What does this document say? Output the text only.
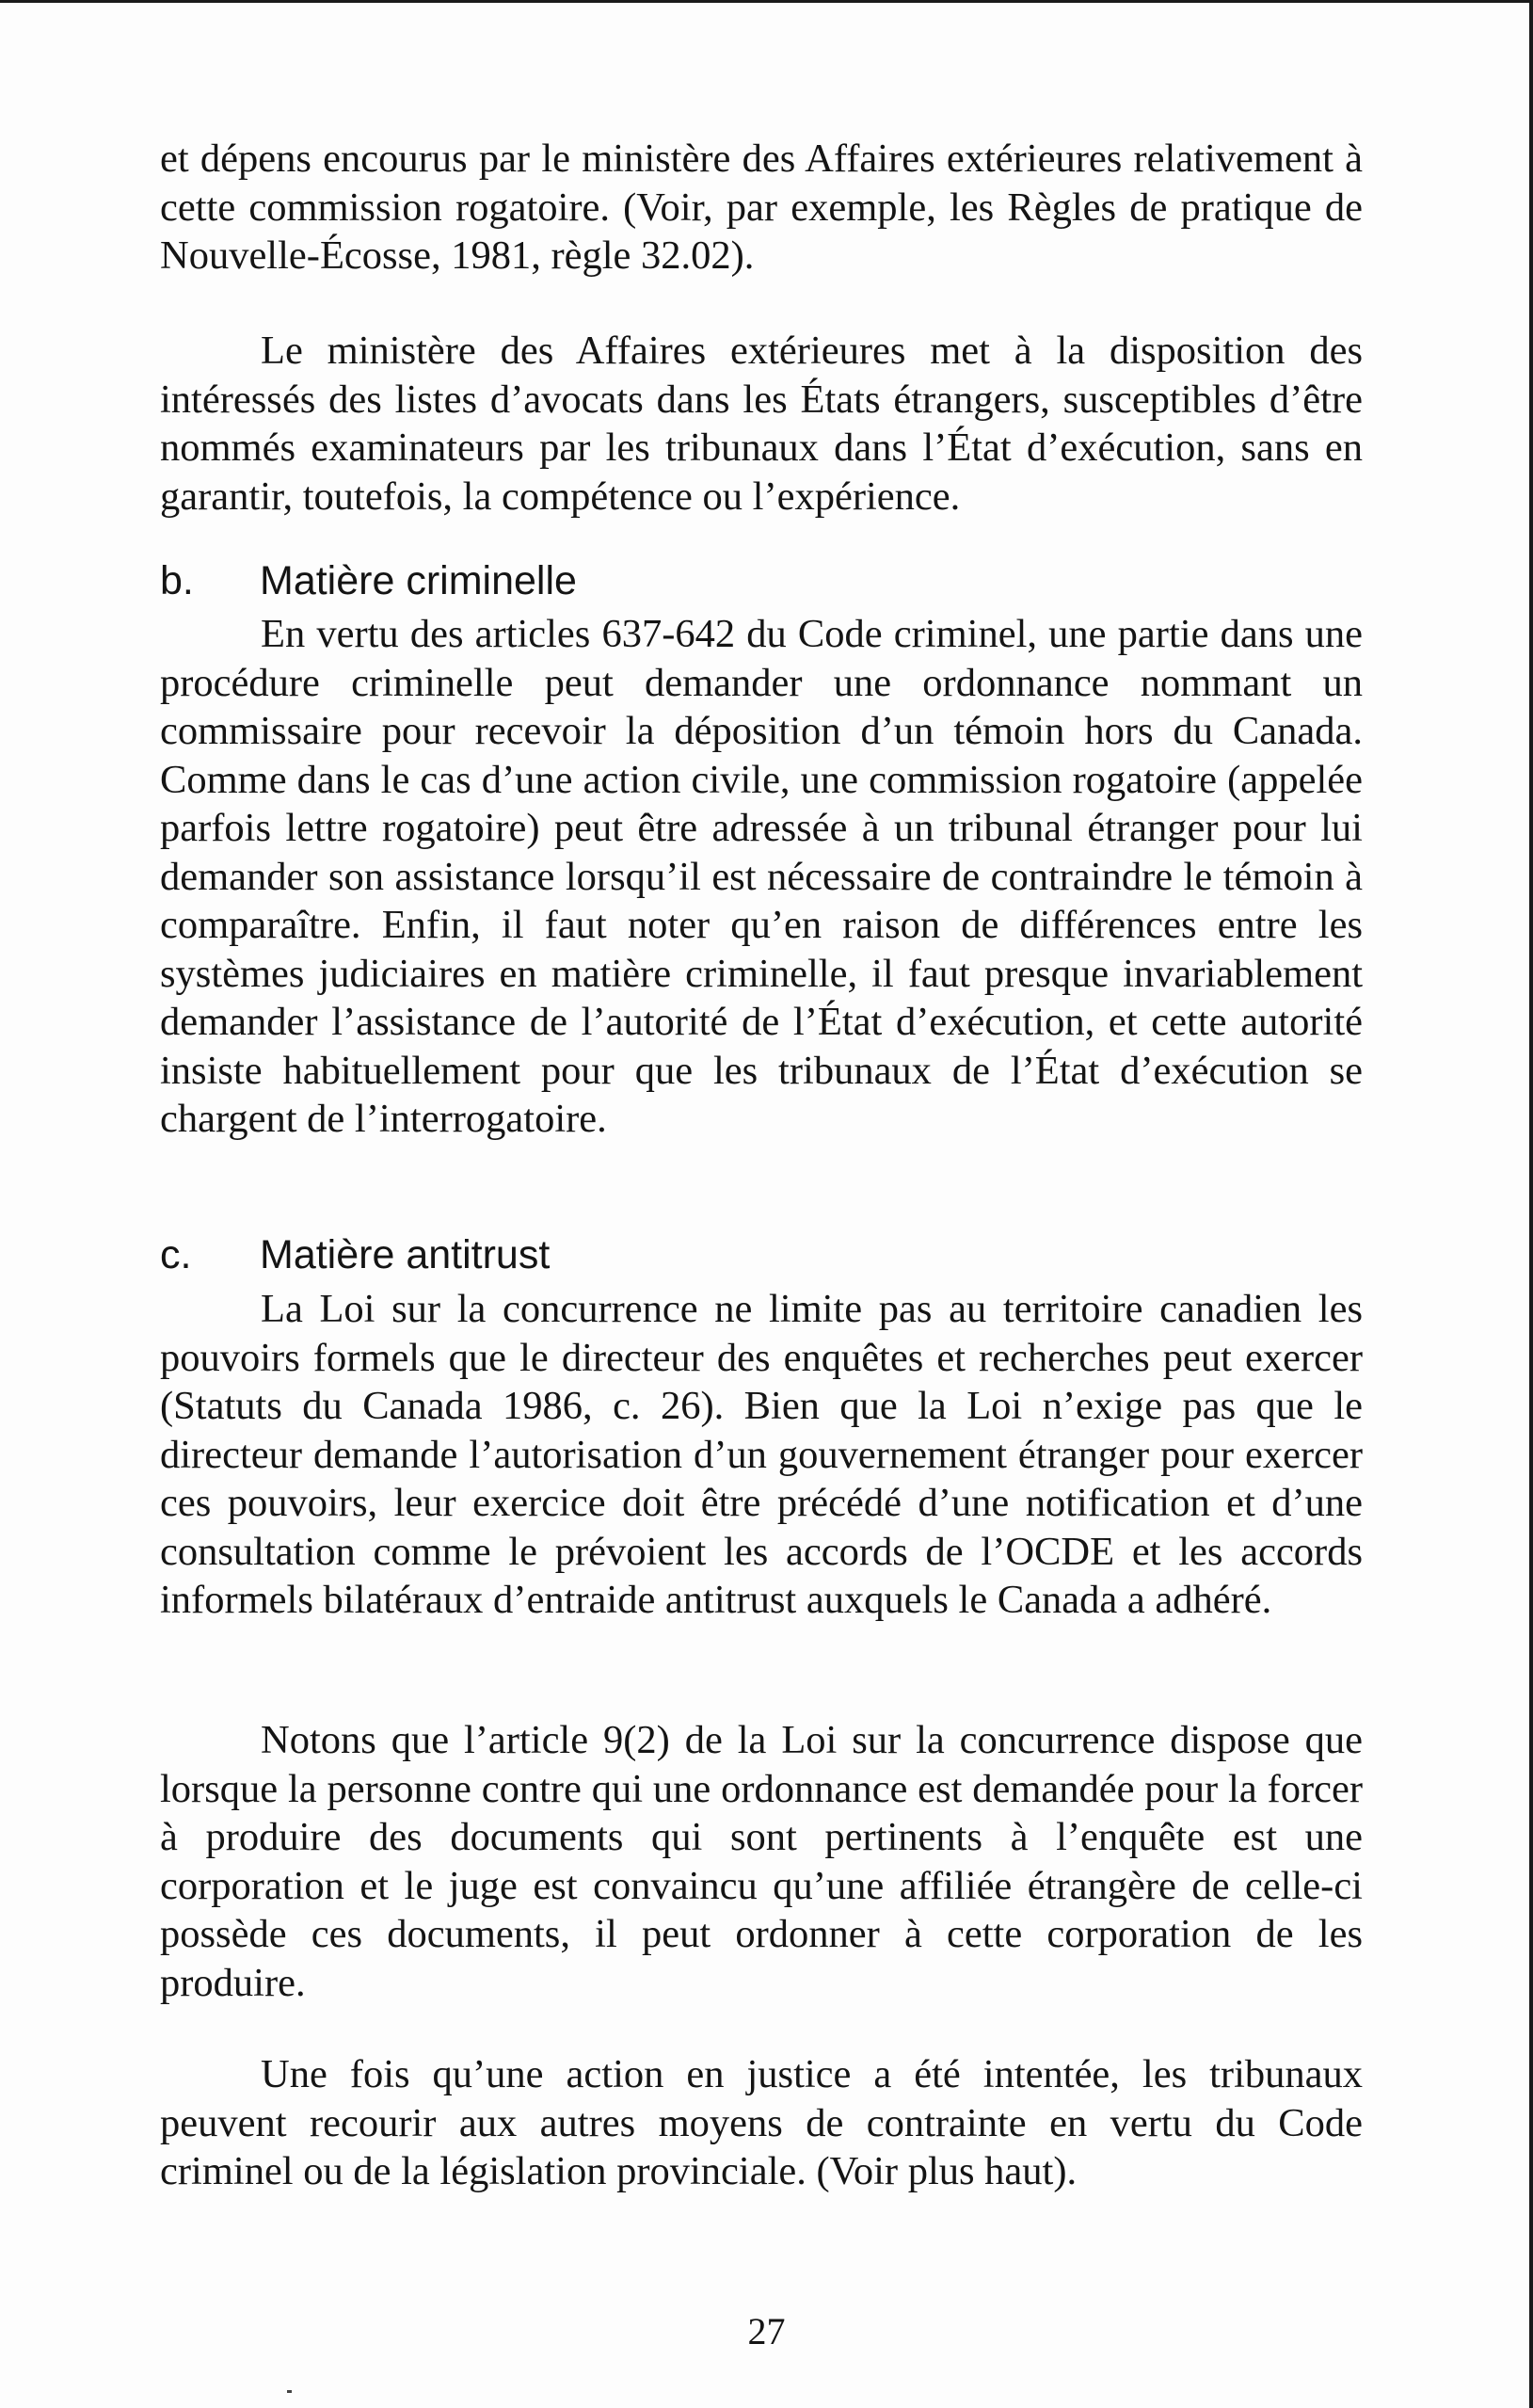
et dépens encourus par le ministère des Affaires extérieures relativement à cette commission rogatoire. (Voir, par exemple, les Règles de pratique de Nouvelle-Écosse, 1981, règle 32.02).

Le ministère des Affaires extérieures met à la disposition des intéressés des listes d’avocats dans les États étrangers, susceptibles d’être nommés examinateurs par les tribunaux dans l’État d’exécution, sans en garantir, toutefois, la compétence ou l’expérience.

b. Matière criminelle

En vertu des articles 637-642 du Code criminel, une partie dans une procédure criminelle peut demander une ordonnance nommant un commissaire pour recevoir la déposition d’un témoin hors du Canada. Comme dans le cas d’une action civile, une commission rogatoire (appelée parfois lettre rogatoire) peut être adressée à un tribunal étranger pour lui demander son assistance lorsqu’il est nécessaire de contraindre le témoin à comparaître. Enfin, il faut noter qu’en raison de différences entre les systèmes judiciaires en matière criminelle, il faut presque invariablement demander l’assistance de l’autorité de l’État d’exécution, et cette autorité insiste habituellement pour que les tribunaux de l’État d’exécution se chargent de l’interrogatoire.

c. Matière antitrust

La Loi sur la concurrence ne limite pas au territoire canadien les pouvoirs formels que le directeur des enquêtes et recherches peut exercer (Statuts du Canada 1986, c. 26). Bien que la Loi n’exige pas que le directeur demande l’autorisation d’un gouvernement étranger pour exercer ces pouvoirs, leur exercice doit être précédé d’une notification et d’une consultation comme le prévoient les accords de l’OCDE et les accords informels bilatéraux d’entraide antitrust auxquels le Canada a adhéré.

Notons que l’article 9(2) de la Loi sur la concurrence dispose que lorsque la personne contre qui une ordonnance est demandée pour la forcer à produire des documents qui sont pertinents à l’enquête est une corporation et le juge est convaincu qu’une affiliée étrangère de celle-ci possède ces documents, il peut ordonner à cette corporation de les produire.

Une fois qu’une action en justice a été intentée, les tribunaux peuvent recourir aux autres moyens de contrainte en vertu du Code criminel ou de la législation provinciale. (Voir plus haut).

27
